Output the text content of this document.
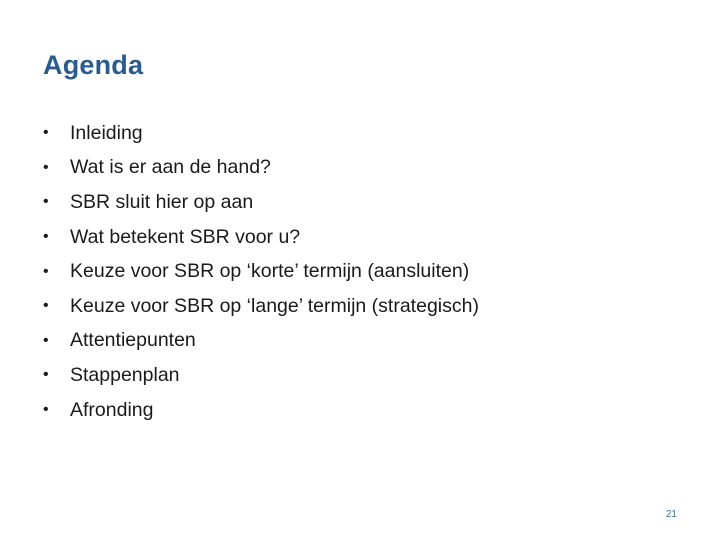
Agenda
•	Inleiding
•	Wat is er aan de hand?
•	SBR sluit hier op aan
•	Wat betekent SBR voor u?
•	Keuze voor SBR op ‘korte’ termijn (aansluiten)
•	Keuze voor SBR op ‘lange’ termijn (strategisch)
•	Attentiepunten
•	Stappenplan
•	Afronding
21
